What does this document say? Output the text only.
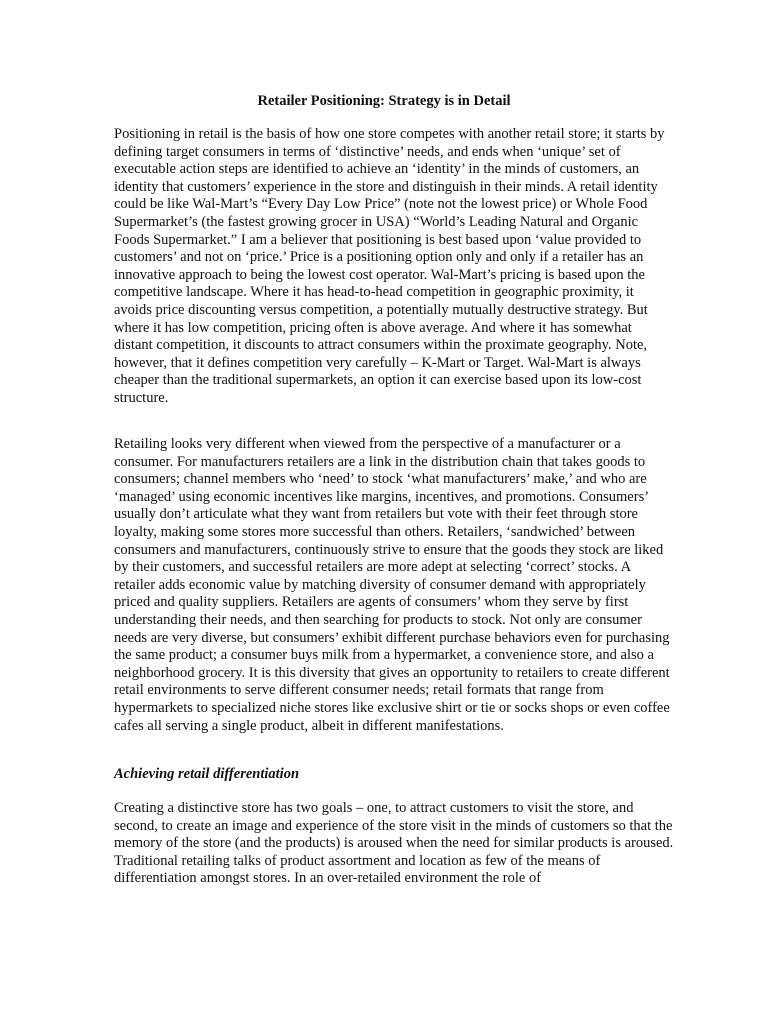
Retailer Positioning: Strategy is in Detail

Positioning in retail is the basis of how one store competes with another retail store; it starts by defining target consumers in terms of ‘distinctive’ needs, and ends when ‘unique’ set of executable action steps are identified to achieve an ‘identity’ in the minds of customers, an identity that customers’ experience in the store and distinguish in their minds. A retail identity could be like Wal-Mart’s “Every Day Low Price” (note not the lowest price) or Whole Food Supermarket’s (the fastest growing grocer in USA) “World’s Leading Natural and Organic Foods Supermarket.” I am a believer that positioning is best based upon ‘value provided to customers’ and not on ‘price.’ Price is a positioning option only and only if a retailer has an innovative approach to being the lowest cost operator. Wal-Mart’s pricing is based upon the competitive landscape. Where it has head-to-head competition in geographic proximity, it avoids price discounting versus competition, a potentially mutually destructive strategy. But where it has low competition, pricing often is above average. And where it has somewhat distant competition, it discounts to attract consumers within the proximate geography. Note, however, that it defines competition very carefully – K-Mart or Target. Wal-Mart is always cheaper than the traditional supermarkets, an option it can exercise based upon its low-cost structure.

Retailing looks very different when viewed from the perspective of a manufacturer or a consumer. For manufacturers retailers are a link in the distribution chain that takes goods to consumers; channel members who ‘need’ to stock ‘what manufacturers’ make,’ and who are ‘managed’ using economic incentives like margins, incentives, and promotions. Consumers’ usually don’t articulate what they want from retailers but vote with their feet through store loyalty, making some stores more successful than others. Retailers, ‘sandwiched’ between consumers and manufacturers, continuously strive to ensure that the goods they stock are liked by their customers, and successful retailers are more adept at selecting ‘correct’ stocks. A retailer adds economic value by matching diversity of consumer demand with appropriately priced and quality suppliers. Retailers are agents of consumers’ whom they serve by first understanding their needs, and then searching for products to stock. Not only are consumer needs are very diverse, but consumers’ exhibit different purchase behaviors even for purchasing the same product; a consumer buys milk from a hypermarket, a convenience store, and also a neighborhood grocery. It is this diversity that gives an opportunity to retailers to create different retail environments to serve different consumer needs; retail formats that range from hypermarkets to specialized niche stores like exclusive shirt or tie or socks shops or even coffee cafes all serving a single product, albeit in different manifestations.

Achieving retail differentiation

Creating a distinctive store has two goals – one, to attract customers to visit the store, and second, to create an image and experience of the store visit in the minds of customers so that the memory of the store (and the products) is aroused when the need for similar products is aroused. Traditional retailing talks of product assortment and location as few of the means of differentiation amongst stores. In an over-retailed environment the role of
